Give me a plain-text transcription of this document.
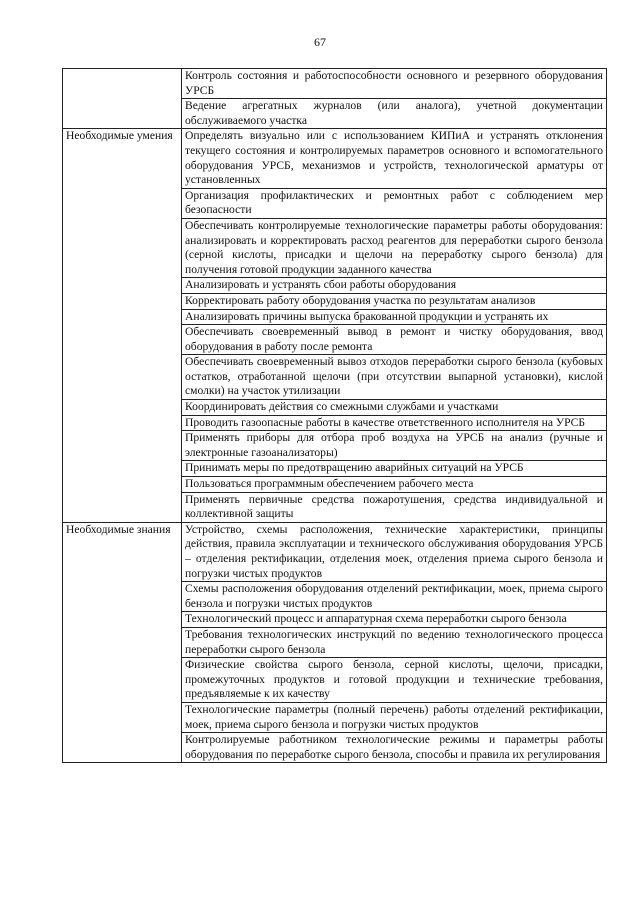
67
	Контроль состояния и работоспособности основного и резервного оборудования УРСБ
	Ведение агрегатных журналов (или аналога), учетной документации обслуживаемого участка
Необходимые умения	Определять визуально или с использованием КИПиА и устранять отклонения текущего состояния и контролируемых параметров основного и вспомогательного оборудования УРСБ, механизмов и устройств, технологической арматуры от установленных
	Организация профилактических и ремонтных работ с соблюдением мер безопасности
	Обеспечивать контролируемые технологические параметры работы оборудования: анализировать и корректировать расход реагентов для переработки сырого бензола (серной кислоты, присадки и щелочи на переработку сырого бензола) для получения готовой продукции заданного качества
	Анализировать и устранять сбои работы оборудования
	Корректировать работу оборудования участка по результатам анализов
	Анализировать причины выпуска бракованной продукции и устранять их
	Обеспечивать своевременный вывод в ремонт и чистку оборудования, ввод оборудования в работу после ремонта
	Обеспечивать своевременный вывоз отходов переработки сырого бензола (кубовых остатков, отработанной щелочи (при отсутствии выпарной установки), кислой смолки) на участок утилизации
	Координировать действия со смежными службами и участками
	Проводить газоопасные работы в качестве ответственного исполнителя на УРСБ
	Применять приборы для отбора проб воздуха на УРСБ на анализ (ручные и электронные газоанализаторы)
	Принимать меры по предотвращению аварийных ситуаций на УРСБ
	Пользоваться программным обеспечением рабочего места
	Применять первичные средства пожаротушения, средства индивидуальной и коллективной защиты
Необходимые знания	Устройство, схемы расположения, технические характеристики, принципы действия, правила эксплуатации и технического обслуживания оборудования УРСБ – отделения ректификации, отделения моек, отделения приема сырого бензола и погрузки чистых продуктов
	Схемы расположения оборудования отделений ректификации, моек, приема сырого бензола и погрузки чистых продуктов
	Технологический процесс и аппаратурная схема переработки сырого бензола
	Требования технологических инструкций по ведению технологического процесса переработки сырого бензола
	Физические свойства сырого бензола, серной кислоты, щелочи, присадки, промежуточных продуктов и готовой продукции и технические требования, предъявляемые к их качеству
	Технологические параметры (полный перечень) работы отделений ректификации, моек, приема сырого бензола и погрузки чистых продуктов
	Контролируемые работником технологические режимы и параметры работы оборудования по переработке сырого бензола, способы и правила их регулирования
